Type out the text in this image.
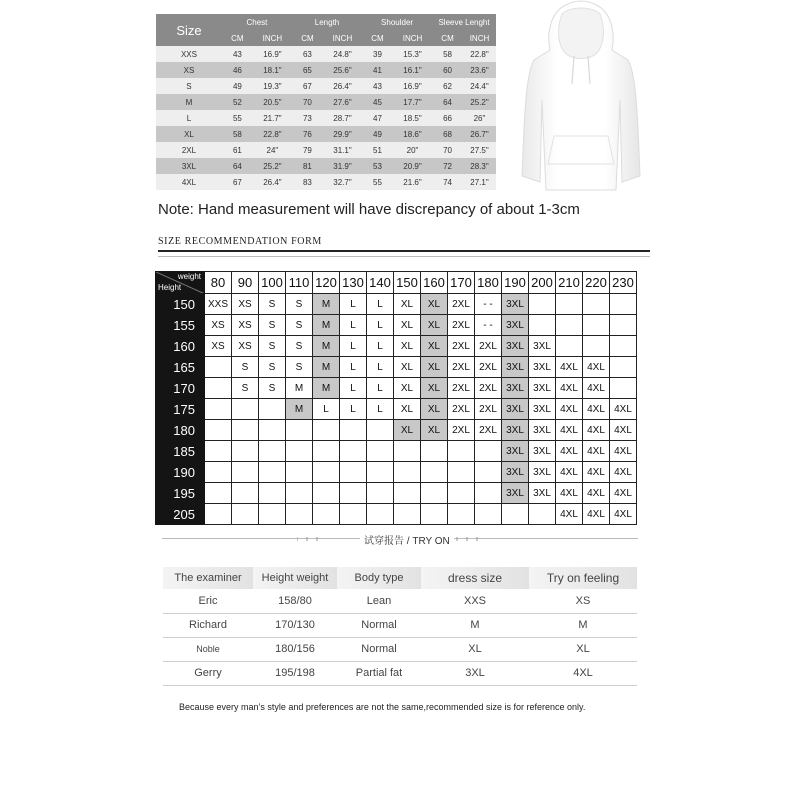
Size	Chest		Length		Shoulder		Sleeve Lenght	
	CM	INCH	CM	INCH	CM	INCH	CM	INCH
XXS	43	16.9"	63	24.8"	39	15.3"	58	22.8"
XS	46	18.1"	65	25.6"	41	16.1"	60	23.6"
S	49	19.3"	67	26.4"	43	16.9"	62	24.4"
M	52	20.5"	70	27.6"	45	17.7"	64	25.2"
L	55	21.7"	73	28.7"	47	18.5"	66	26"
XL	58	22.8"	76	29.9"	49	18.6"	68	26.7"
2XL	61	24"	79	31.1"	51	20"	70	27.5"
3XL	64	25.2"	81	31.9"	53	20.9"	72	28.3"
4XL	67	26.4"	83	32.7"	55	21.6"	74	27.1"
Note: Hand measurement will have discrepancy of about 1-3cm
SIZE RECOMMENDATION FORM
weight
Height	80	90	100	110	120	130	140	150	160	170	180	190	200	210	220	230
150	XXS	XS	S	S	M	L	L	XL	XL	2XL	- -	3XL				
155	XS	XS	S	S	M	L	L	XL	XL	2XL	- -	3XL				
160	XS	XS	S	S	M	L	L	XL	XL	2XL	2XL	3XL	3XL			
165		S	S	S	M	L	L	XL	XL	2XL	2XL	3XL	3XL	4XL	4XL	
170		S	S	M	M	L	L	XL	XL	2XL	2XL	3XL	3XL	4XL	4XL	
175				M	L	L	L	XL	XL	2XL	2XL	3XL	3XL	4XL	4XL	4XL
180								XL	XL	2XL	2XL	3XL	3XL	4XL	4XL	4XL
185												3XL	3XL	4XL	4XL	4XL
190												3XL	3XL	4XL	4XL	4XL
195												3XL	3XL	4XL	4XL	4XL
205														4XL	4XL	4XL
试穿报告 / TRY ON
The examiner	Height weight	Body type	dress size	Try on feeling
Eric	158/80	Lean	XXS	XS
Richard	170/130	Normal	M	M
Noble	180/156	Normal	XL	XL
Gerry	195/198	Partial fat	3XL	4XL
Because every man’s style and preferences are not the same,recommended size is for reference only.
